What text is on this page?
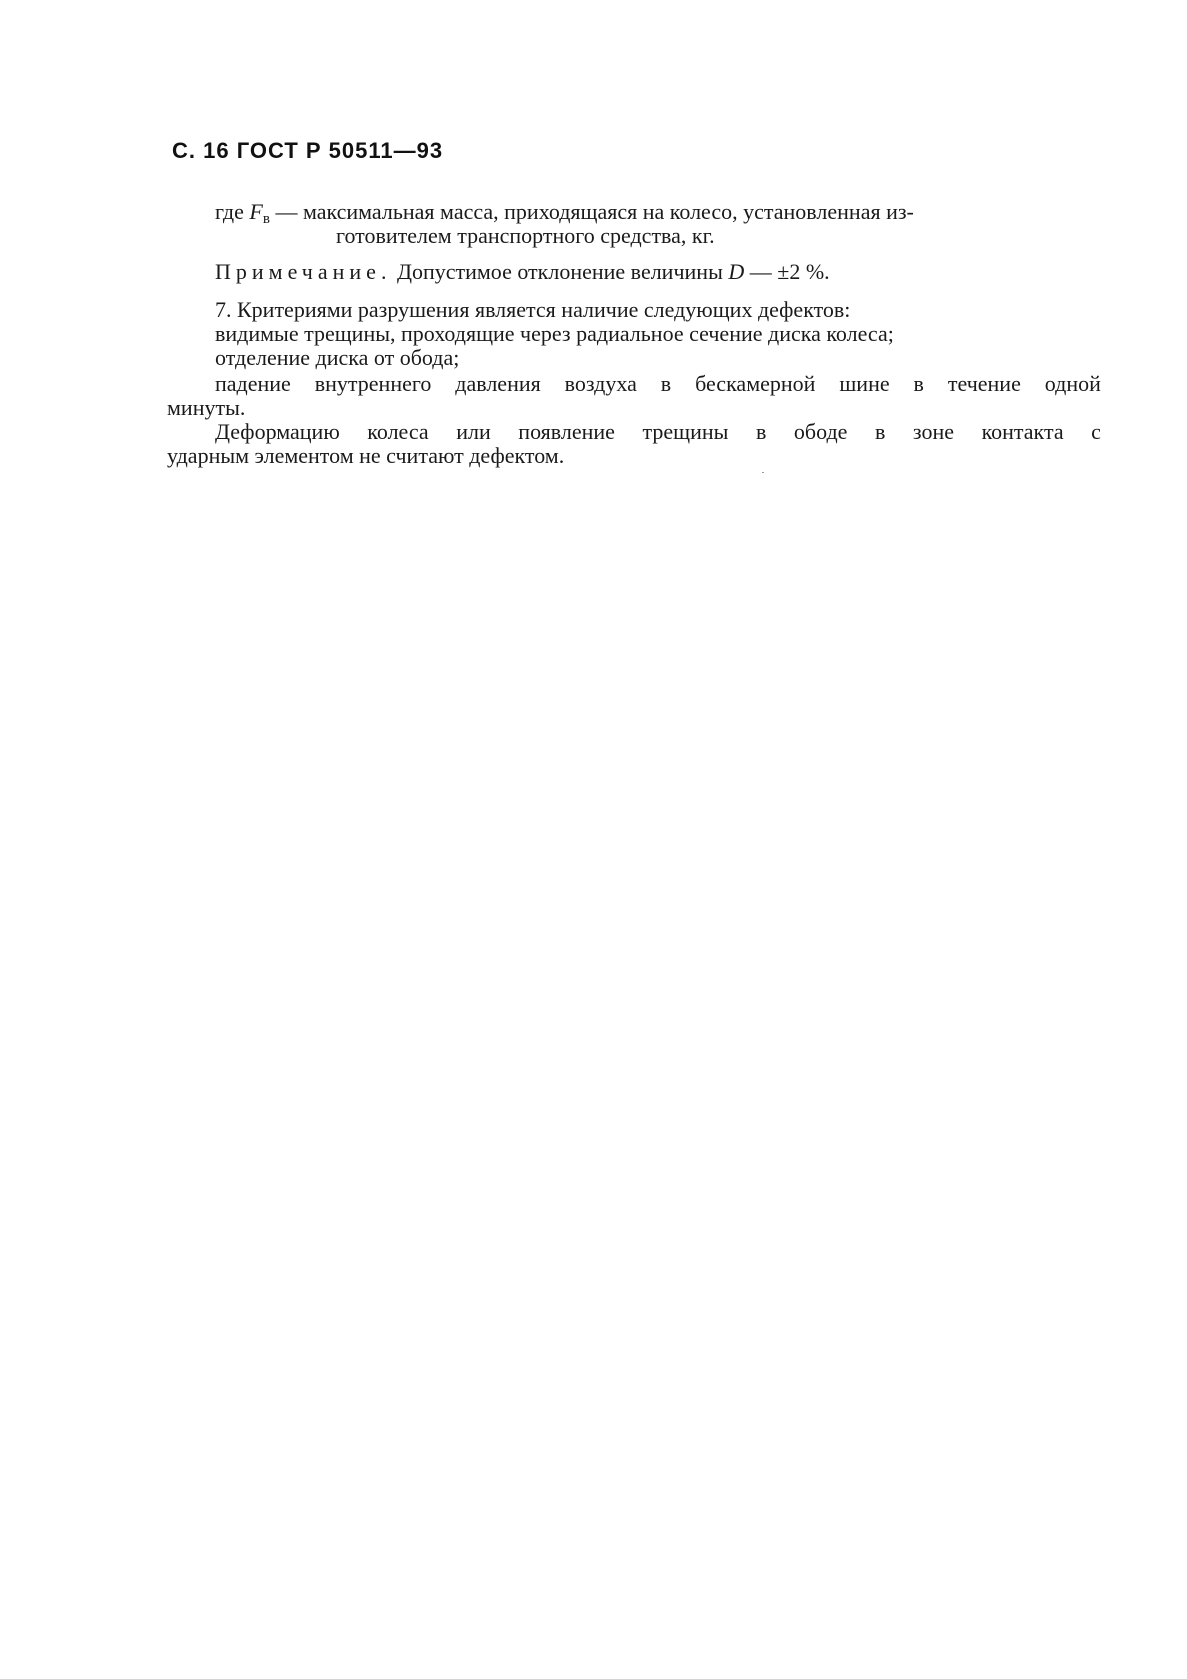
С. 16 ГОСТ Р 50511—93
где $F_в$ — максимальная масса, приходящаяся на колесо, установленная из-
готовителем транспортного средства, кг.
Примечание. Допустимое отклонение величины D — ±2 %.
7. Критериями разрушения является наличие следующих дефектов:
видимые трещины, проходящие через радиальное сечение диска колеса;
отделение диска от обода;
падение внутреннего давления воздуха в бескамерной шине в течение одной
минуты.
Деформацию колеса или появление трещины в ободе в зоне контакта с
ударным элементом не считают дефектом.
